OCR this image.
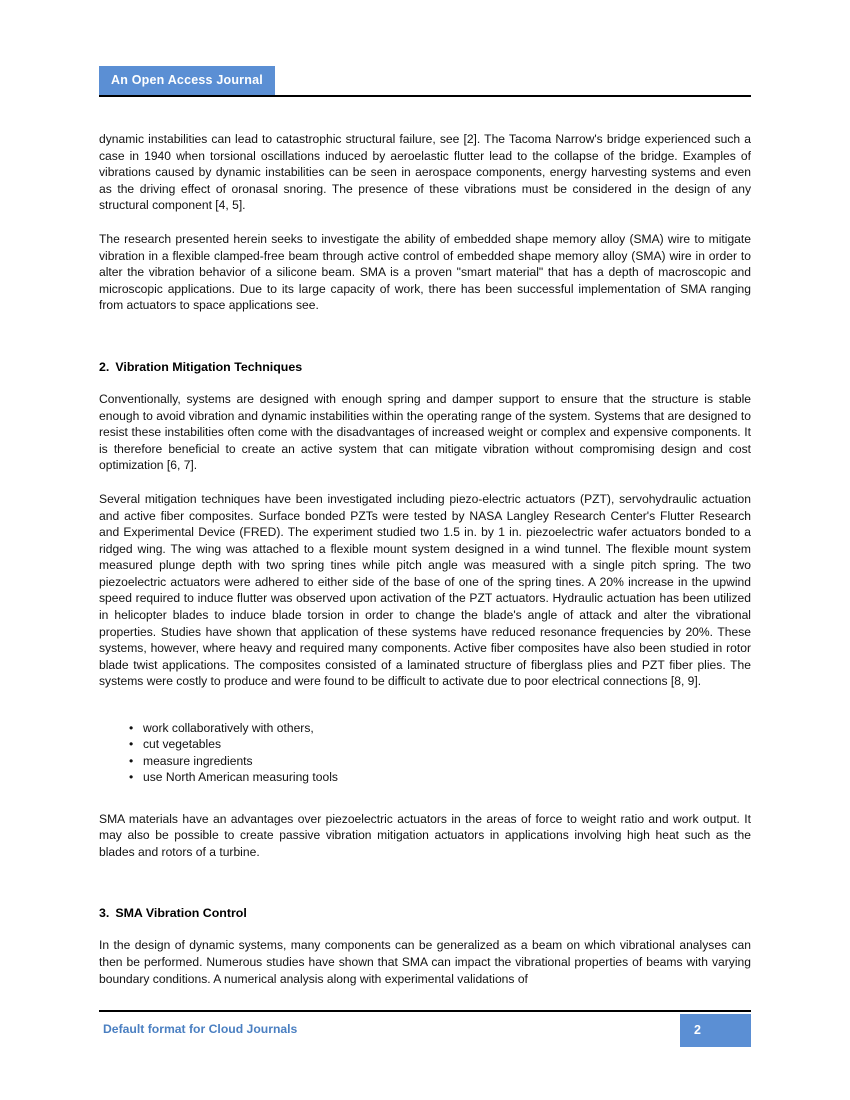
An Open Access Journal

dynamic instabilities can lead to catastrophic structural failure, see [2]. The Tacoma Narrow's bridge experienced such a case in 1940 when torsional oscillations induced by aeroelastic flutter lead to the collapse of the bridge. Examples of vibrations caused by dynamic instabilities can be seen in aerospace components, energy harvesting systems and even as the driving effect of oronasal snoring. The presence of these vibrations must be considered in the design of any structural component [4, 5].

The research presented herein seeks to investigate the ability of embedded shape memory alloy (SMA) wire to mitigate vibration in a flexible clamped-free beam through active control of embedded shape memory alloy (SMA) wire in order to alter the vibration behavior of a silicone beam. SMA is a proven "smart material" that has a depth of macroscopic and microscopic applications. Due to its large capacity of work, there has been successful implementation of SMA ranging from actuators to space applications see.

2. Vibration Mitigation Techniques

Conventionally, systems are designed with enough spring and damper support to ensure that the structure is stable enough to avoid vibration and dynamic instabilities within the operating range of the system. Systems that are designed to resist these instabilities often come with the disadvantages of increased weight or complex and expensive components. It is therefore beneficial to create an active system that can mitigate vibration without compromising design and cost optimization [6, 7].

Several mitigation techniques have been investigated including piezo-electric actuators (PZT), servohydraulic actuation and active fiber composites. Surface bonded PZTs were tested by NASA Langley Research Center's Flutter Research and Experimental Device (FRED). The experiment studied two 1.5 in. by 1 in. piezoelectric wafer actuators bonded to a ridged wing. The wing was attached to a flexible mount system designed in a wind tunnel. The flexible mount system measured plunge depth with two spring tines while pitch angle was measured with a single pitch spring. The two piezoelectric actuators were adhered to either side of the base of one of the spring tines. A 20% increase in the upwind speed required to induce flutter was observed upon activation of the PZT actuators. Hydraulic actuation has been utilized in helicopter blades to induce blade torsion in order to change the blade's angle of attack and alter the vibrational properties. Studies have shown that application of these systems have reduced resonance frequencies by 20%. These systems, however, where heavy and required many components. Active fiber composites have also been studied in rotor blade twist applications. The composites consisted of a laminated structure of fiberglass plies and PZT fiber plies. The systems were costly to produce and were found to be difficult to activate due to poor electrical connections [8, 9].

• work collaboratively with others,
• cut vegetables
• measure ingredients
• use North American measuring tools

SMA materials have an advantages over piezoelectric actuators in the areas of force to weight ratio and work output. It may also be possible to create passive vibration mitigation actuators in applications involving high heat such as the blades and rotors of a turbine.

3. SMA Vibration Control

In the design of dynamic systems, many components can be generalized as a beam on which vibrational analyses can then be performed. Numerous studies have shown that SMA can impact the vibrational properties of beams with varying boundary conditions. A numerical analysis along with experimental validations of

Default format for Cloud Journals	2
